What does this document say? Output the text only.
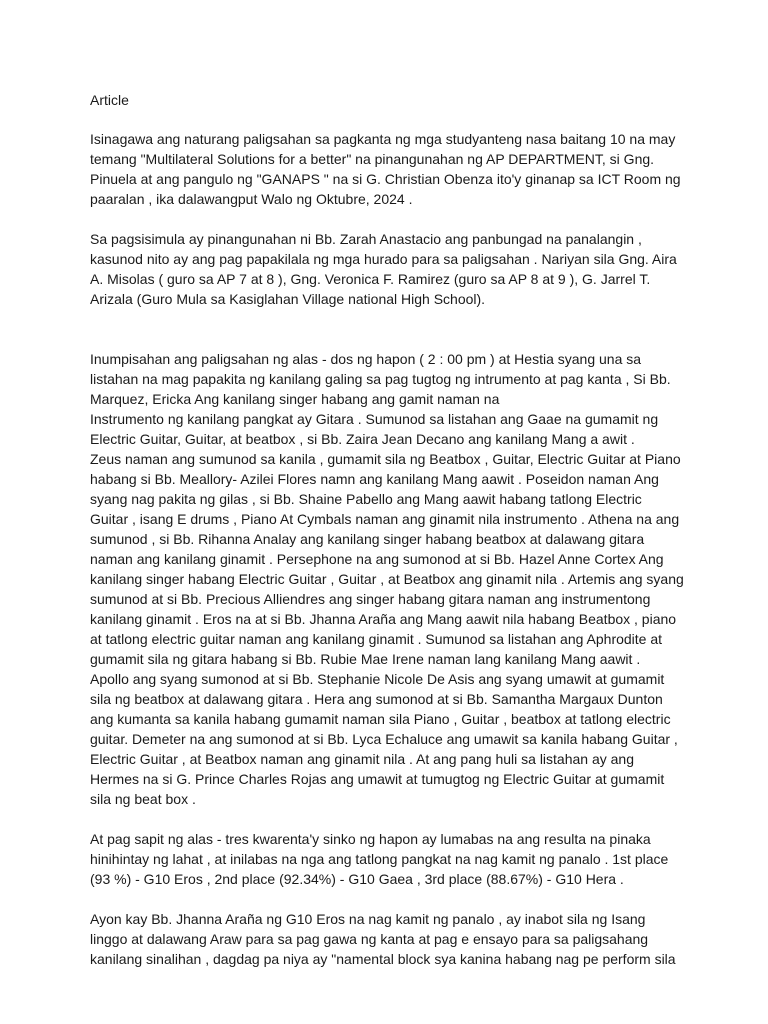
Article
Isinagawa ang naturang paligsahan sa pagkanta ng mga studyanteng nasa baitang 10 na may
temang "Multilateral Solutions for a better" na pinangunahan ng AP DEPARTMENT, si Gng.
Pinuela at ang pangulo ng "GANAPS " na si G. Christian Obenza ito'y ginanap sa ICT Room ng
paaralan , ika dalawangput Walo ng Oktubre, 2024 .
Sa pagsisimula ay pinangunahan ni Bb. Zarah Anastacio ang panbungad na panalangin ,
kasunod nito ay ang pag papakilala ng mga hurado para sa paligsahan . Nariyan sila Gng. Aira
A. Misolas ( guro sa AP 7 at 8 ), Gng. Veronica F. Ramirez (guro sa AP 8 at 9 ), G. Jarrel T.
Arizala (Guro Mula sa Kasiglahan Village national High School).
Inumpisahan ang paligsahan ng alas - dos ng hapon ( 2 : 00 pm ) at Hestia syang una sa
listahan na mag papakita ng kanilang galing sa pag tugtog ng intrumento at pag kanta , Si Bb.
Marquez, Ericka Ang kanilang singer habang ang gamit naman na
Instrumento ng kanilang pangkat ay Gitara . Sumunod sa listahan ang Gaae na gumamit ng
Electric Guitar, Guitar, at beatbox , si Bb. Zaira Jean Decano ang kanilang Mang a awit .
Zeus naman ang sumunod sa kanila , gumamit sila ng Beatbox , Guitar, Electric Guitar at Piano
habang si Bb. Meallory- Azilei Flores namn ang kanilang Mang aawit . Poseidon naman Ang
syang nag pakita ng gilas , si Bb. Shaine Pabello ang Mang aawit habang tatlong Electric
Guitar , isang E drums , Piano At Cymbals naman ang ginamit nila instrumento . Athena na ang
sumunod , si Bb. Rihanna Analay ang kanilang singer habang beatbox at dalawang gitara
naman ang kanilang ginamit . Persephone na ang sumonod at si Bb. Hazel Anne Cortex Ang
kanilang singer habang Electric Guitar , Guitar , at Beatbox ang ginamit nila . Artemis ang syang
sumunod at si Bb. Precious Alliendres ang singer habang gitara naman ang instrumentong
kanilang ginamit . Eros na at si Bb. Jhanna Araña ang Mang aawit nila habang Beatbox , piano
at tatlong electric guitar naman ang kanilang ginamit . Sumunod sa listahan ang Aphrodite at
gumamit sila ng gitara habang si Bb. Rubie Mae Irene naman lang kanilang Mang aawit .
Apollo ang syang sumonod at si Bb. Stephanie Nicole De Asis ang syang umawit at gumamit
sila ng beatbox at dalawang gitara . Hera ang sumonod at si Bb. Samantha Margaux Dunton
ang kumanta sa kanila habang gumamit naman sila Piano , Guitar , beatbox at tatlong electric
guitar. Demeter na ang sumonod at si Bb. Lyca Echaluce ang umawit sa kanila habang Guitar ,
Electric Guitar , at Beatbox naman ang ginamit nila . At ang pang huli sa listahan ay ang
Hermes na si G. Prince Charles Rojas ang umawit at tumugtog ng Electric Guitar at gumamit
sila ng beat box .
At pag sapit ng alas - tres kwarenta'y sinko ng hapon ay lumabas na ang resulta na pinaka
hinihintay ng lahat , at inilabas na nga ang tatlong pangkat na nag kamit ng panalo . 1st place
(93 %) - G10 Eros , 2nd place (92.34%) - G10 Gaea , 3rd place (88.67%) - G10 Hera .
Ayon kay Bb. Jhanna Araña ng G10 Eros na nag kamit ng panalo , ay inabot sila ng Isang
linggo at dalawang Araw para sa pag gawa ng kanta at pag e ensayo para sa paligsahang
kanilang sinalihan , dagdag pa niya ay "namental block sya kanina habang nag pe perform sila
